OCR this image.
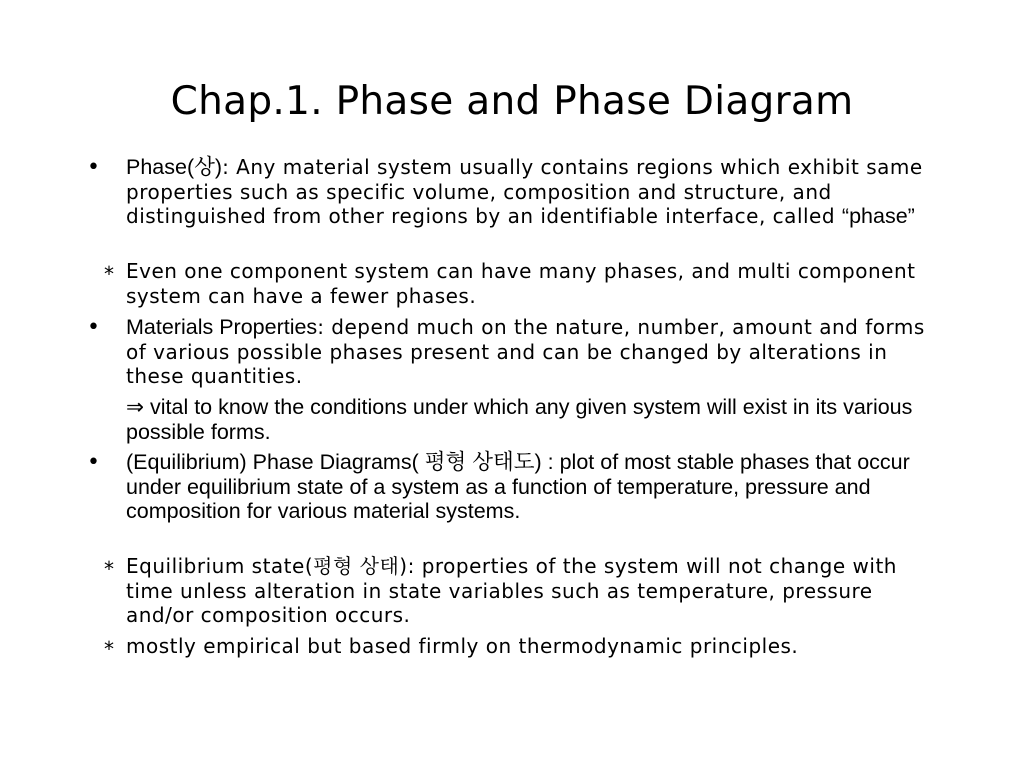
Chap.1. Phase and Phase Diagram
• Phase(상): Any material system usually contains regions which exhibit same properties such as specific volume, composition and structure, and distinguished from other regions by an identifiable interface, called “phase”
* Even one component system can have many phases, and multi component system can have a fewer phases.
• Materials Properties: depend much on the nature, number, amount and forms of various possible phases present and can be changed by alterations in these quantities.
⇒ vital to know the conditions under which any given system will exist in its various possible forms.
• (Equilibrium) Phase Diagrams( 평형 상태도) : plot of most stable phases that occur under equilibrium state of a system as a function of temperature, pressure and composition for various material systems.
* Equilibrium state(평형 상태): properties of the system will not change with time unless alteration in state variables such as temperature, pressure and/or composition occurs.
* mostly empirical but based firmly on thermodynamic principles.
